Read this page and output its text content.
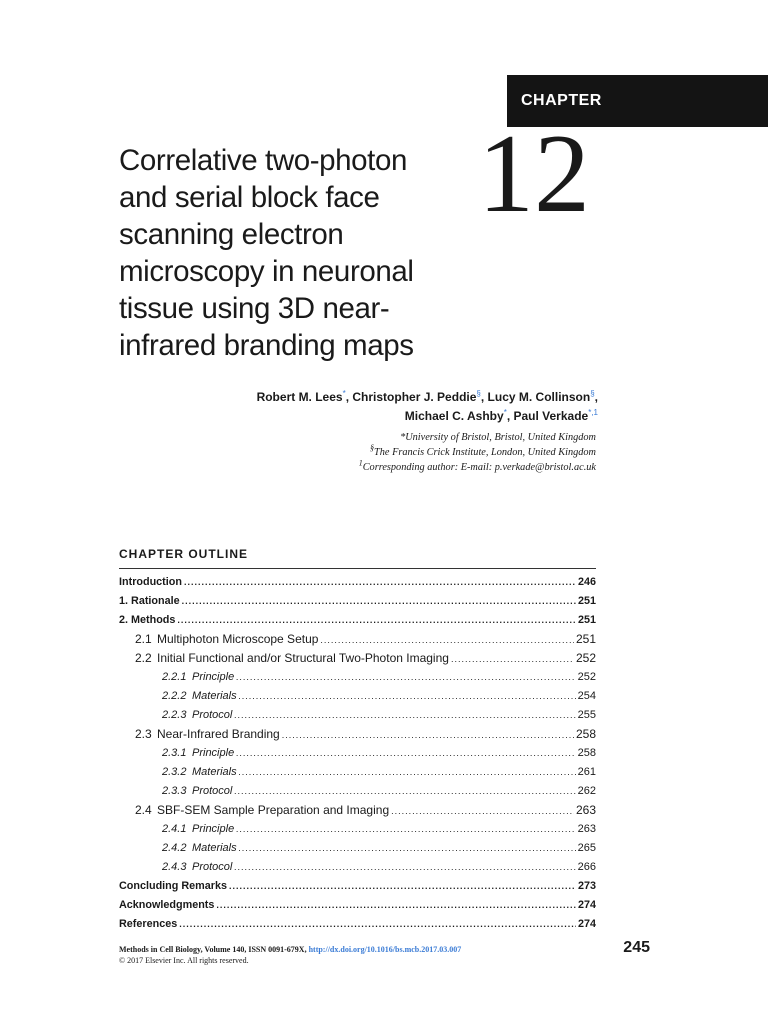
CHAPTER
12
Correlative two-photon
and serial block face
scanning electron
microscopy in neuronal
tissue using 3D near-
infrared branding maps
Robert M. Lees*, Christopher J. Peddie§, Lucy M. Collinson§,
Michael C. Ashby*, Paul Verkade$^{*,1}$
*University of Bristol, Bristol, United Kingdom
§The Francis Crick Institute, London, United Kingdom
$^1$Corresponding author: E-mail: p.verkade@bristol.ac.uk
CHAPTER OUTLINE
Introduction .....	246
1. Rationale .....	251
2. Methods .....	251
2.1 Multiphoton Microscope Setup .....	251
2.2 Initial Functional and/or Structural Two-Photon Imaging .....	252
2.2.1 Principle .....	252
2.2.2 Materials .....	254
2.2.3 Protocol .....	255
2.3 Near-Infrared Branding .....	258
2.3.1 Principle .....	258
2.3.2 Materials .....	261
2.3.3 Protocol .....	262
2.4 SBF-SEM Sample Preparation and Imaging .....	263
2.4.1 Principle .....	263
2.4.2 Materials .....	265
2.4.3 Protocol .....	266
Concluding Remarks .....	273
Acknowledgments .....	274
References .....	274
Methods in Cell Biology, Volume 140, ISSN 0091-679X, http://dx.doi.org/10.1016/bs.mcb.2017.03.007
© 2017 Elsevier Inc. All rights reserved.
245
